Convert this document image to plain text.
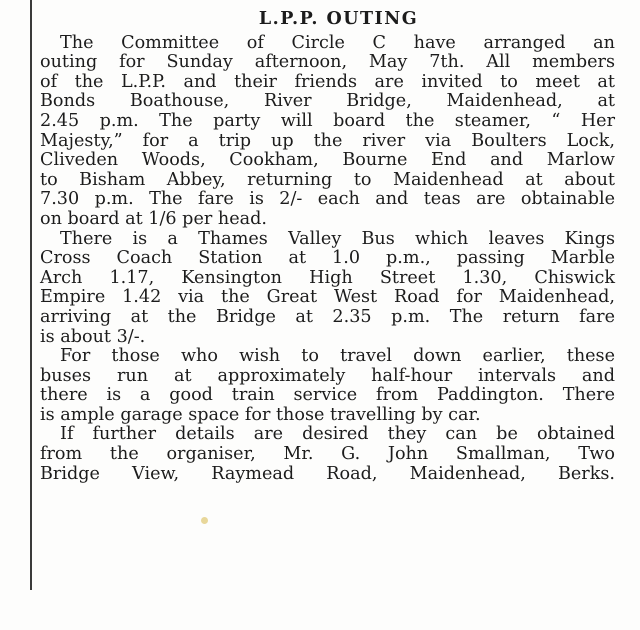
L.P.P. OUTING
The Committee of Circle C have arranged an
outing for Sunday afternoon, May 7th. All members
of the L.P.P. and their friends are invited to meet at
Bonds Boathouse, River Bridge, Maidenhead, at
2.45 p.m. The party will board the steamer, “ Her
Majesty,” for a trip up the river via Boulters Lock,
Cliveden Woods, Cookham, Bourne End and Marlow
to Bisham Abbey, returning to Maidenhead at about
7.30 p.m. The fare is 2/- each and teas are obtainable
on board at 1/6 per head.
There is a Thames Valley Bus which leaves Kings
Cross Coach Station at 1.0 p.m., passing Marble
Arch 1.17, Kensington High Street 1.30, Chiswick
Empire 1.42 via the Great West Road for Maidenhead,
arriving at the Bridge at 2.35 p.m. The return fare
is about 3/-.
For those who wish to travel down earlier, these
buses run at approximately half-hour intervals and
there is a good train service from Paddington. There
is ample garage space for those travelling by car.
If further details are desired they can be obtained
from the organiser, Mr. G. John Smallman, Two
Bridge View, Raymead Road, Maidenhead, Berks.
